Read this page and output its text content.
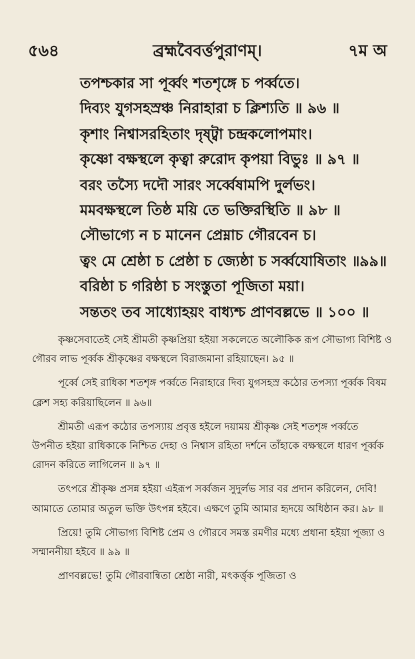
৫৬৪	ব্রহ্মবৈবর্ত্তপুরাণম্।	৭ম অ
তপশ্চকার সা পূর্ব্বং শতশৃঙ্গে চ পর্ব্বতে।
দিব্যং যুগসহস্রঞ্চ নিরাহারা চ ক্লিশ্যতি ॥ ৯৬ ॥
কৃশাং নিশ্বাসরহিতাং দৃষ্ট্বা চন্দ্রকলোপমাং।
কৃষ্ণো বক্ষস্থলে কৃত্বা রুরোদ কৃপয়া বিভুঃ ॥ ৯৭ ॥
বরং তস্যৈ দদৌ সারং সর্ব্বেষামপি দুর্লভং।
মমবক্ষস্থলে তিষ্ঠ ময়ি তে ভক্তিরস্থিতি ॥ ৯৮ ॥
সৌভাগ্যে ন চ মানেন প্রেম্নাচ গৌরবেন চ।
ত্বং মে শ্রেষ্ঠা চ প্রেষ্ঠা চ জ্যেষ্ঠা চ সর্ব্বযোষিতাং ॥৯৯॥
বরিষ্ঠা চ গরিষ্ঠা চ সংস্তুতা পূজিতা ময়া।
সন্ততং তব সাধ্যোহয়ং বাধ্যশ্চ প্রাণবল্লভে ॥ ১০০ ॥

কৃষ্ণসেবাতেই সেই শ্রীমতী কৃষ্ণপ্রিয়া হইয়া সকলেতে অলৌকিক রূপ সৌভাগ্য বিশিষ্ট ও গৌরব লাভ পূর্ব্বক শ্রীকৃষ্ণের বক্ষস্থলে বিরাজমানা রহিয়াছেন। ৯৫ ॥

পূর্ব্বে সেই রাধিকা শতশৃঙ্গ পর্ব্বতে নিরাহারে দিব্য যুগসহস্র কঠোর তপস্যা পূর্ব্বক বিষম ক্লেশ সহ্য করিয়াছিলেন ॥ ৯৬॥

শ্রীমতী এরূপ কঠোর তপস্যায় প্রবৃত্ত হইলে দয়াময় শ্রীকৃষ্ণ সেই শতশৃঙ্গ পর্ব্বতে উপনীত হইয়া রাধিকাকে নিশ্চিত দেহা ও নিশ্বাস রহিতা দর্শনে তাঁহাকে বক্ষস্থলে ধারণ পূর্ব্বক রোদন করিতে লাগিলেন ॥ ৯৭ ॥

তৎপরে শ্রীকৃষ্ণ প্রসন্ন হইয়া এইরূপ সর্ব্বজন সুদুর্লভ সার বর প্রদান করিলেন, দেবি! আমাতে তোমার অতুল ভক্তি উৎপন্ন হইবে। এক্ষণে তুমি আমার হৃদয়ে অধিষ্ঠান কর। ৯৮ ॥

প্রিয়ে! তুমি সৌভাগ্য বিশিষ্ট প্রেম ও গৌরবে সমস্ত রমণীর মধ্যে প্রধানা হইয়া পূজ্যা ও সম্মাননীয়া হইবে ॥ ৯৯ ॥

প্রাণবল্লভে! তুমি গৌরবান্বিতা শ্রেষ্ঠা নারী, মৎকর্ত্তৃক পূজিতা ও
